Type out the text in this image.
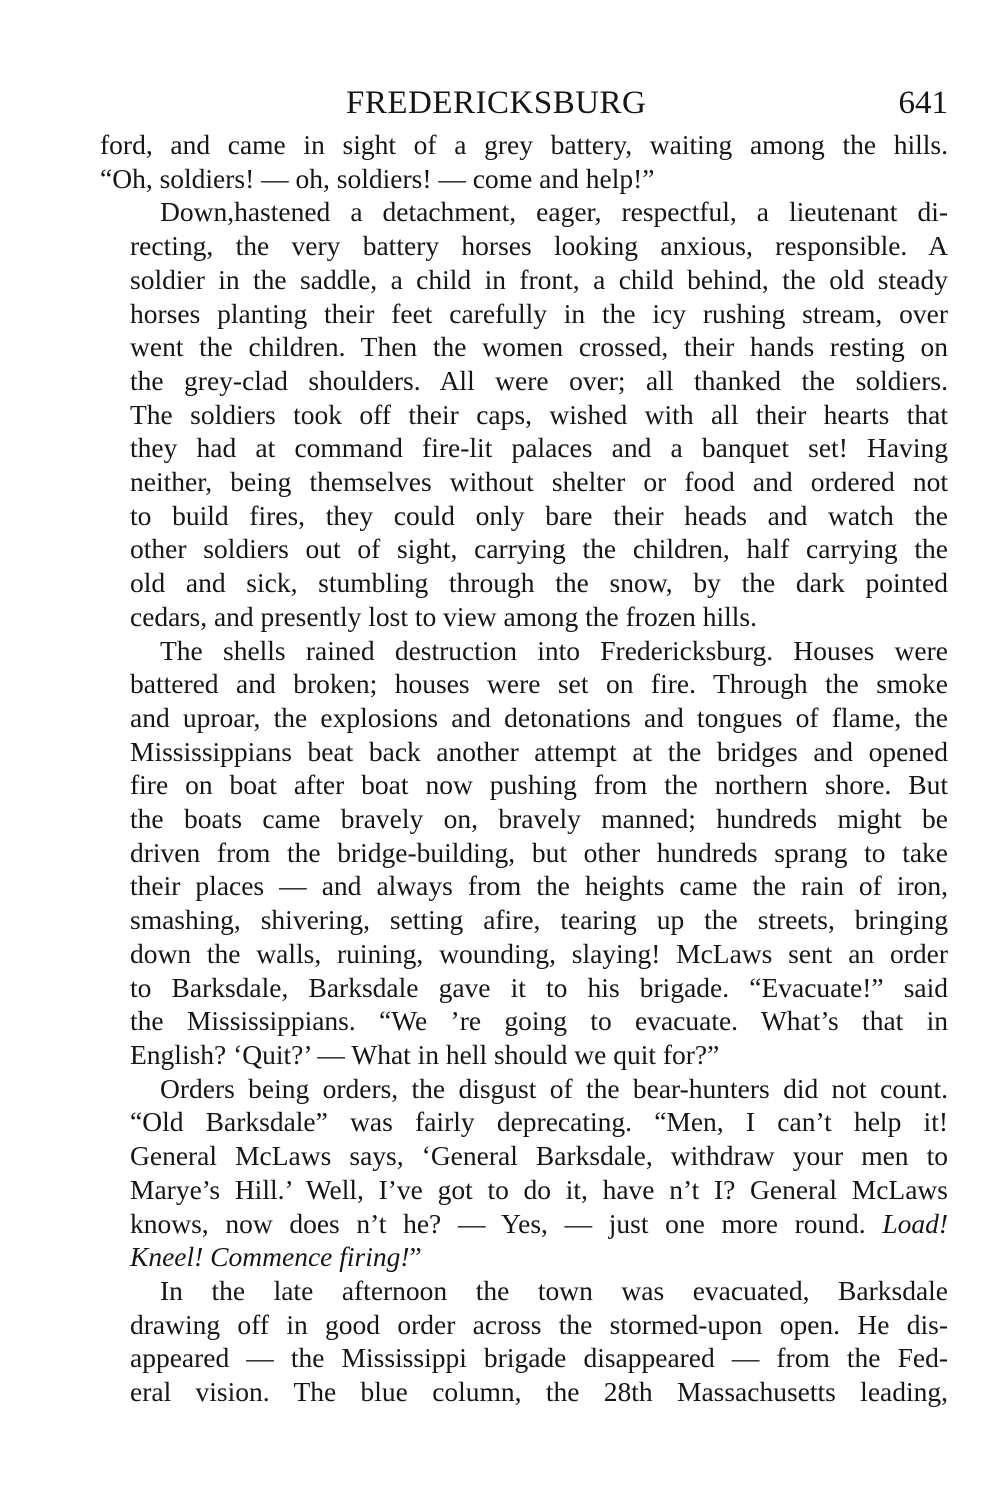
FREDERICKSBURG	641
ford, and came in sight of a grey battery, waiting among the hills.
“Oh, soldiers! — oh, soldiers! — come and help!”
Down,hastened a detachment, eager, respectful, a lieutenant di-
recting, the very battery horses looking anxious, responsible. A
soldier in the saddle, a child in front, a child behind, the old steady
horses planting their feet carefully in the icy rushing stream, over
went the children. Then the women crossed, their hands resting on
the grey-clad shoulders. All were over; all thanked the soldiers.
The soldiers took off their caps, wished with all their hearts that
they had at command fire-lit palaces and a banquet set! Having
neither, being themselves without shelter or food and ordered not
to build fires, they could only bare their heads and watch the
other soldiers out of sight, carrying the children, half carrying the
old and sick, stumbling through the snow, by the dark pointed
cedars, and presently lost to view among the frozen hills.
The shells rained destruction into Fredericksburg. Houses were
battered and broken; houses were set on fire. Through the smoke
and uproar, the explosions and detonations and tongues of flame, the
Mississippians beat back another attempt at the bridges and opened
fire on boat after boat now pushing from the northern shore. But
the boats came bravely on, bravely manned; hundreds might be
driven from the bridge-building, but other hundreds sprang to take
their places — and always from the heights came the rain of iron,
smashing, shivering, setting afire, tearing up the streets, bringing
down the walls, ruining, wounding, slaying! McLaws sent an order
to Barksdale, Barksdale gave it to his brigade. “Evacuate!” said
the Mississippians. “We ’re going to evacuate. What’s that in
English? ‘Quit?’ — What in hell should we quit for?”
Orders being orders, the disgust of the bear-hunters did not count.
“Old Barksdale” was fairly deprecating. “Men, I can’t help it!
General McLaws says, ‘General Barksdale, withdraw your men to
Marye’s Hill.’ Well, I’ve got to do it, have n’t I? General McLaws
knows, now does n’t he? — Yes, — just one more round. Load!
Kneel! Commence firing!”
In the late afternoon the town was evacuated, Barksdale
drawing off in good order across the stormed-upon open. He dis-
appeared — the Mississippi brigade disappeared — from the Fed-
eral vision. The blue column, the 28th Massachusetts leading,
